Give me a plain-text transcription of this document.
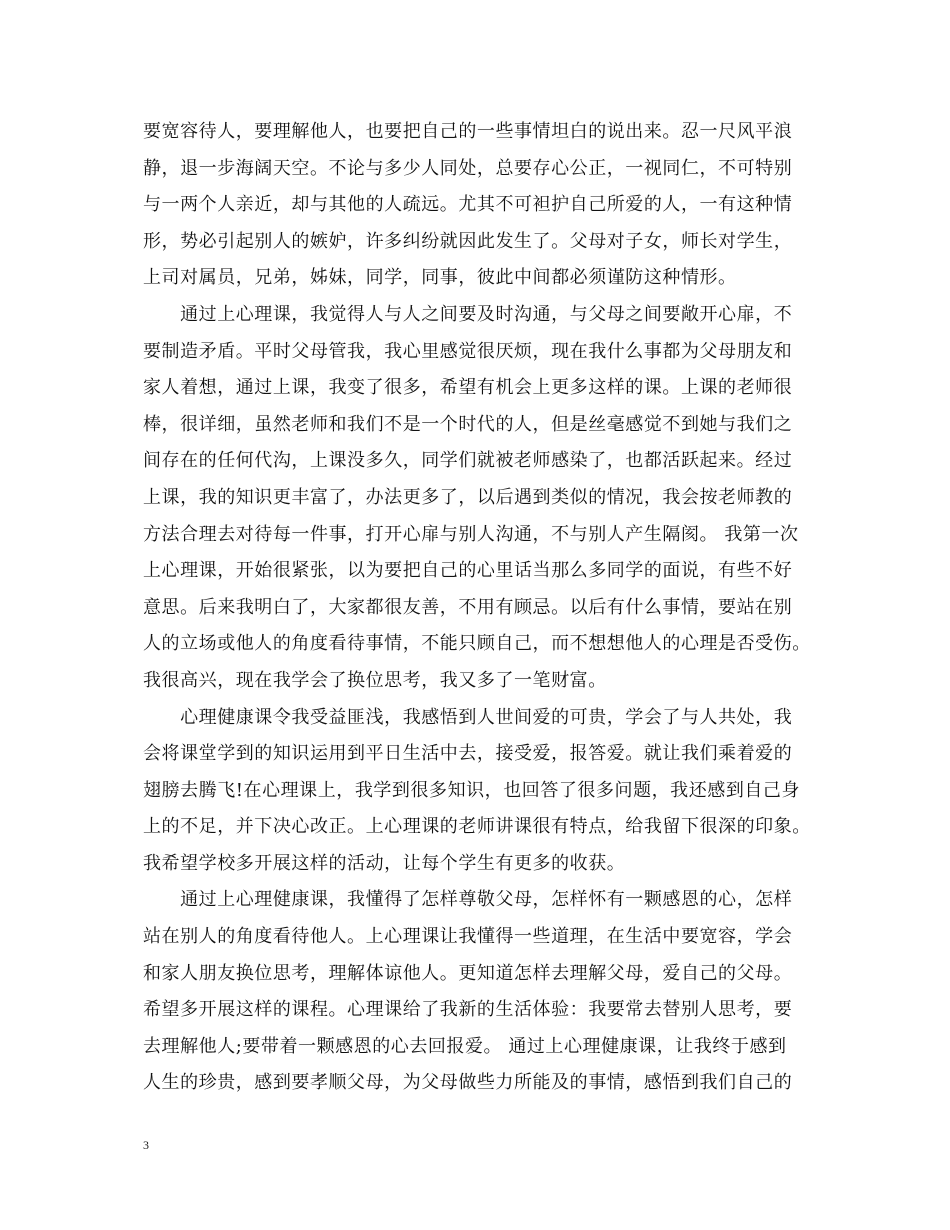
要宽容待人，要理解他人，也要把自己的一些事情坦白的说出来。忍一尺风平浪
静，退一步海阔天空。不论与多少人同处，总要存心公正，一视同仁，不可特别
与一两个人亲近，却与其他的人疏远。尤其不可袒护自己所爱的人，一有这种情
形，势必引起别人的嫉妒，许多纠纷就因此发生了。父母对子女，师长对学生，
上司对属员，兄弟，姊妹，同学，同事，彼此中间都必须谨防这种情形。
　　通过上心理课，我觉得人与人之间要及时沟通，与父母之间要敞开心扉，不
要制造矛盾。平时父母管我，我心里感觉很厌烦，现在我什么事都为父母朋友和
家人着想，通过上课，我变了很多，希望有机会上更多这样的课。上课的老师很
棒，很详细，虽然老师和我们不是一个时代的人，但是丝毫感觉不到她与我们之
间存在的任何代沟，上课没多久，同学们就被老师感染了，也都活跃起来。经过
上课，我的知识更丰富了，办法更多了，以后遇到类似的情况，我会按老师教的
方法合理去对待每一件事，打开心扉与别人沟通，不与别人产生隔阂。 我第一次
上心理课，开始很紧张，以为要把自己的心里话当那么多同学的面说，有些不好
意思。后来我明白了，大家都很友善，不用有顾忌。以后有什么事情，要站在别
人的立场或他人的角度看待事情，不能只顾自己，而不想想他人的心理是否受伤。
我很高兴，现在我学会了换位思考，我又多了一笔财富。
　　心理健康课令我受益匪浅，我感悟到人世间爱的可贵，学会了与人共处，我
会将课堂学到的知识运用到平日生活中去，接受爱，报答爱。就让我们乘着爱的
翅膀去腾飞!在心理课上，我学到很多知识，也回答了很多问题，我还感到自己身
上的不足，并下决心改正。上心理课的老师讲课很有特点，给我留下很深的印象。
我希望学校多开展这样的活动，让每个学生有更多的收获。
　　通过上心理健康课，我懂得了怎样尊敬父母，怎样怀有一颗感恩的心，怎样
站在别人的角度看待他人。上心理课让我懂得一些道理，在生活中要宽容，学会
和家人朋友换位思考，理解体谅他人。更知道怎样去理解父母，爱自己的父母。
希望多开展这样的课程。心理课给了我新的生活体验：我要常去替别人思考，要
去理解他人;要带着一颗感恩的心去回报爱。 通过上心理健康课，让我终于感到
人生的珍贵，感到要孝顺父母，为父母做些力所能及的事情，感悟到我们自己的
3
